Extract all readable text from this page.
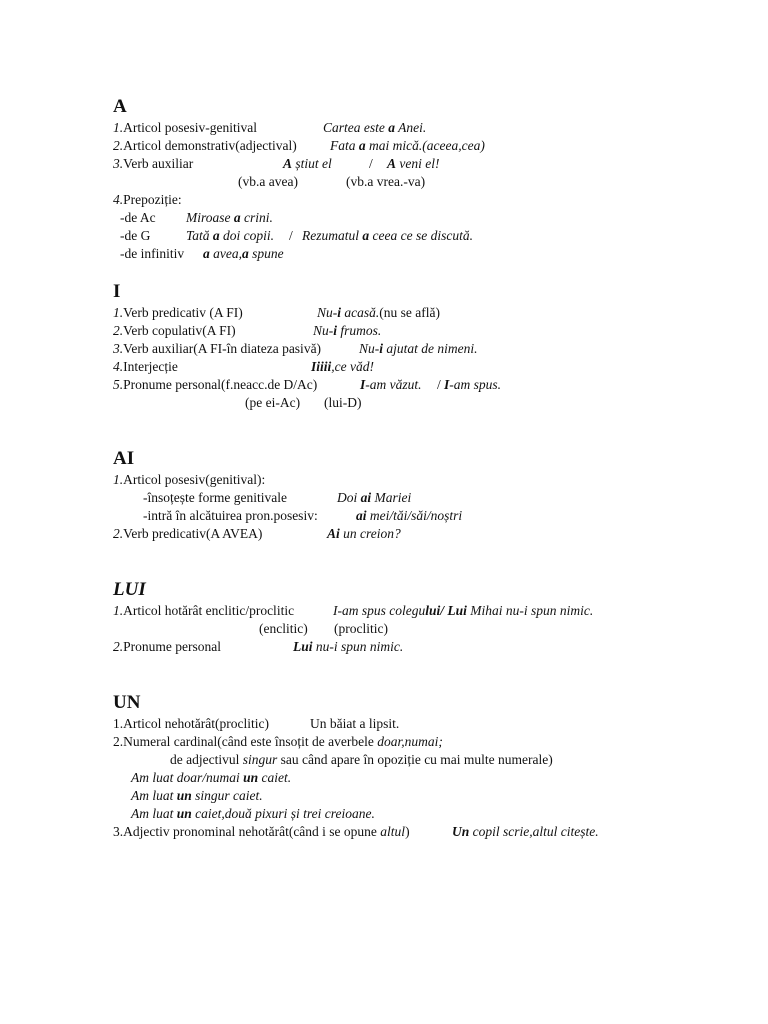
A

1.Articol posesiv-genitival	Cartea este a Anei.

2.Articol demonstrativ(adjectival) Fata a mai mică.(aceea,cea)

3.Verb auxiliar	A știut el	/ A veni el!

(vb.a avea)	(vb.a vrea.-va)

4.Prepoziție:

-de Ac Miroase a crini.

-de G	Tată a doi copii. / Rezumatul a ceea ce se discută.

-de infinitiv a avea,a spune

I

1.Verb predicativ (A FI)	Nu-i acasă.(nu se află)

2.Verb copulativ(A FI)	Nu-i frumos.

3.Verb auxiliar(A FI-în diateza pasivă)	Nu-i ajutat de nimeni.

4.Interjecție	Iiiii,ce văd!

5.Pronume personal(f.neacc.de D/Ac)	I-am văzut. / I-am spus.

(pe ei-Ac) (lui-D)

AI

1.Articol posesiv(genitival):

-însoțește forme genitivale	Doi ai Mariei

-intră în alcătuirea pron.posesiv:	ai mei/tăi/săi/noștri

2.Verb predicativ(A AVEA)	Ai un creion?

LUI

1.Articol hotărât enclitic/proclitic	I-am spus colegului/ Lui Mihai nu-i spun nimic.

(enclitic) (proclitic)

2.Pronume personal	Lui nu-i spun nimic.

UN

1.Articol nehotărât(proclitic)	Un băiat a lipsit.

2.Numeral cardinal(când este însoțit de averbele doar,numai;

de adjectivul singur sau când apare în opoziție cu mai multe numerale)

Am luat doar/numai un caiet.

Am luat un singur caiet.

Am luat un caiet,două pixuri și trei creioane.

3.Adjectiv pronominal nehotărât(când i se opune altul)	Un copil scrie,altul citește.
